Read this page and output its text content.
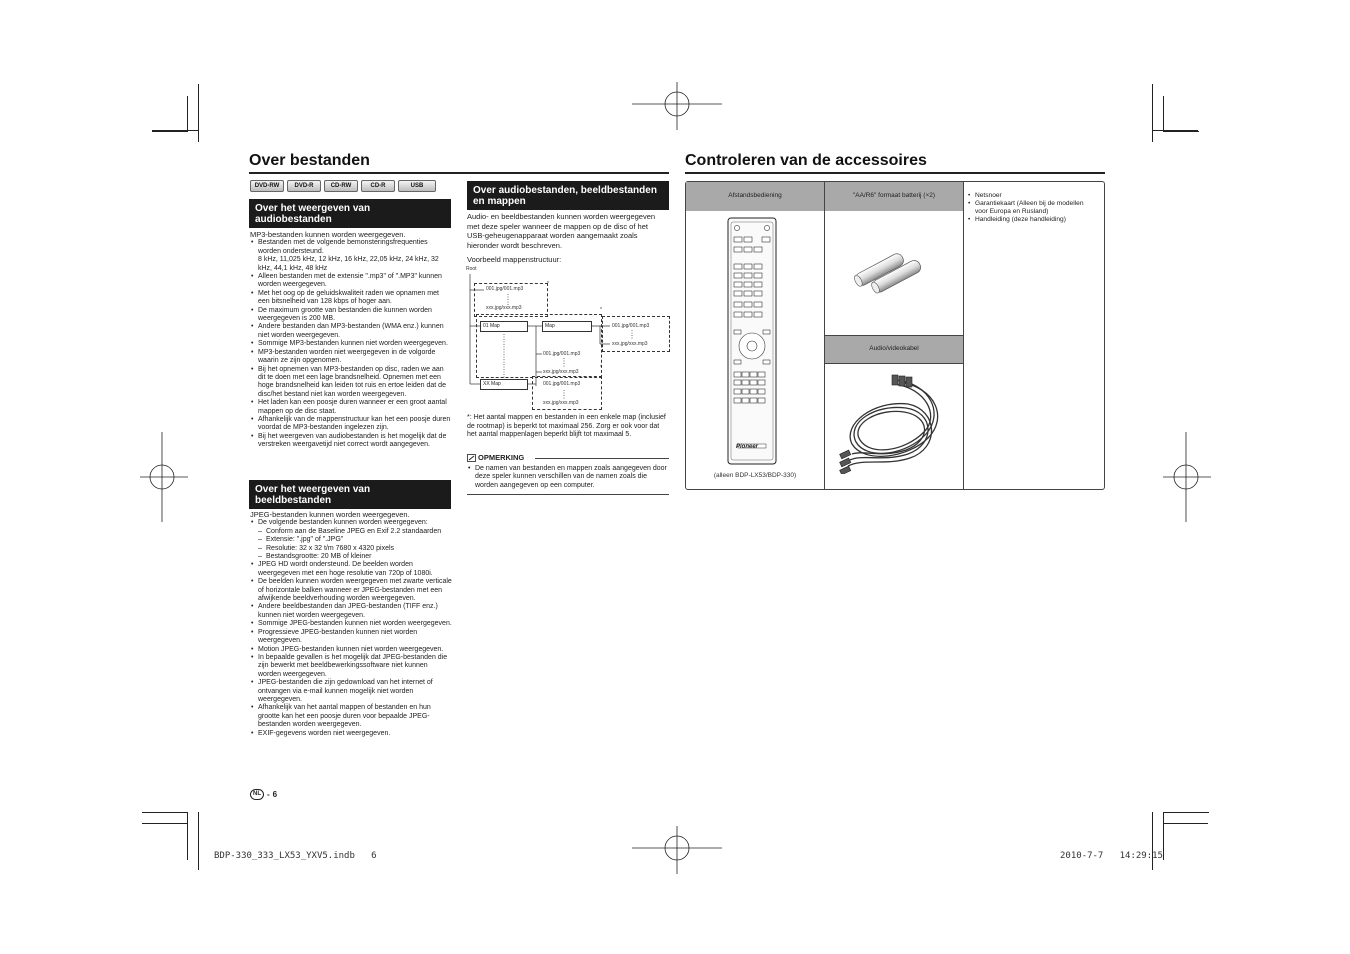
Over bestanden
DVD-RW	DVD-R	CD-RW	CD-R	USB
Over het weergeven van audiobestanden

MP3-bestanden kunnen worden weergegeven.

• Bestanden met de volgende bemonsteringsfrequenties worden ondersteund.
8 kHz, 11,025 kHz, 12 kHz, 16 kHz, 22,05 kHz, 24 kHz, 32 kHz, 44,1 kHz, 48 kHz
• Alleen bestanden met de extensie ".mp3" of ".MP3" kunnen worden weergegeven.
• Met het oog op de geluidskwaliteit raden we opnamen met een bitsnelheid van 128 kbps of hoger aan.
• De maximum grootte van bestanden die kunnen worden weergegeven is 200 MB.
• Andere bestanden dan MP3-bestanden (WMA enz.) kunnen niet worden weergegeven.
• Sommige MP3-bestanden kunnen niet worden weergegeven.
• MP3-bestanden worden niet weergegeven in de volgorde waarin ze zijn opgenomen.
• Bij het opnemen van MP3-bestanden op disc, raden we aan dit te doen met een lage brandsnelheid. Opnemen met een hoge brandsnelheid kan leiden tot ruis en ertoe leiden dat de disc/het bestand niet kan worden weergegeven.
• Het laden kan een poosje duren wanneer er een groot aantal mappen op de disc staat.
• Afhankelijk van de mappenstructuur kan het een poosje duren voordat de MP3-bestanden ingelezen zijn.
• Bij het weergeven van audiobestanden is het mogelijk dat de verstreken weergavetijd niet correct wordt aangegeven.
Over het weergeven van beeldbestanden

JPEG-bestanden kunnen worden weergegeven.

• De volgende bestanden kunnen worden weergegeven:
– Conform aan de Baseline JPEG en Exif 2.2 standaarden
– Extensie: ".jpg" of ".JPG"
– Resolutie: 32 x 32 t/m 7680 x 4320 pixels
– Bestandsgrootte: 20 MB of kleiner
• JPEG HD wordt ondersteund. De beelden worden weergegeven met een hoge resolutie van 720p of 1080i.
• De beelden kunnen worden weergegeven met zwarte verticale of horizontale balken wanneer er JPEG-bestanden met een afwijkende beeldverhouding worden weergegeven.
• Andere beeldbestanden dan JPEG-bestanden (TIFF enz.) kunnen niet worden weergegeven.
• Sommige JPEG-bestanden kunnen niet worden weergegeven.
• Progressieve JPEG-bestanden kunnen niet worden weergegeven.
• Motion JPEG-bestanden kunnen niet worden weergegeven.
• In bepaalde gevallen is het mogelijk dat JPEG-bestanden die zijn bewerkt met beeldbewerkingssoftware niet kunnen worden weergegeven.
• JPEG-bestanden die zijn gedownload van het internet of ontvangen via e-mail kunnen mogelijk niet worden weergegeven.
• Afhankelijk van het aantal mappen of bestanden en hun grootte kan het een poosje duren voor bepaalde JPEG-bestanden worden weergegeven.
• EXIF-gegevens worden niet weergegeven.
NL - 6
Over audiobestanden, beeldbestanden en mappen
Audio- en beeldbestanden kunnen worden weergegeven met deze speler wanneer de mappen op de disc of het USB-geheugenapparaat worden aangemaakt zoals hieronder wordt beschreven.
Voorbeeld mappenstructuur:
Root
001.jpg/001.mp3
xxx.jpg/xxx.mp3
*
01 Map	Map	001.jpg/001.mp3
xxx.jpg/xxx.mp3
*
001.jpg/001.mp3
xxx.jpg/xxx.mp3
*
XX Map	001.jpg/001.mp3
xxx.jpg/xxx.mp3
*
*: Het aantal mappen en bestanden in een enkele map (inclusief de rootmap) is beperkt tot maximaal 256. Zorg er ook voor dat het aantal mappenlagen beperkt blijft tot maximaal 5.
OPMERKING
• De namen van bestanden en mappen zoals aangegeven door deze speler kunnen verschillen van de namen zoals die worden aangegeven op een computer.
Controleren van de accessoires
Afstandsbediening	"AA/R6" formaat batterij (×2)
Audio/videokabel
Pioneer
(alleen BDP-LX53/BDP-330)
• Netsnoer
• Garantiekaart (Alleen bij de modellen voor Europa en Rusland)
• Handleiding (deze handleiding)
BDP-330_333_LX53_YXV5.indb   6	2010-7-7   14:29:15
